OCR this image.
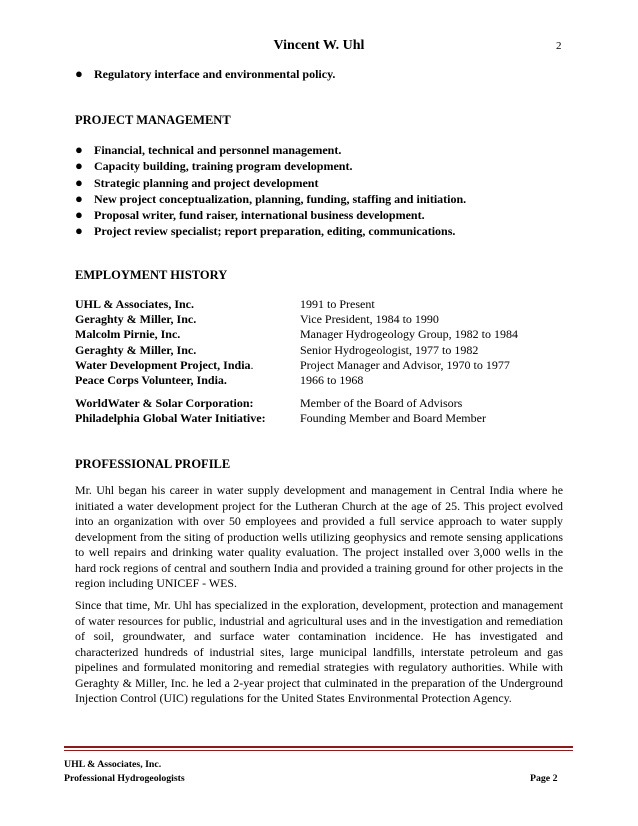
Vincent W. Uhl	2
● Regulatory interface and environmental policy.
PROJECT MANAGEMENT
● Financial, technical and personnel management.
● Capacity building, training program development.
● Strategic planning and project development
● New project conceptualization, planning, funding, staffing and initiation.
● Proposal writer, fund raiser, international business development.
● Project review specialist; report preparation, editing, communications.
EMPLOYMENT HISTORY
UHL & Associates, Inc.	1991 to Present
Geraghty & Miller, Inc.	Vice President, 1984 to 1990
Malcolm Pirnie, Inc.	Manager Hydrogeology Group, 1982 to 1984
Geraghty & Miller, Inc.	Senior Hydrogeologist, 1977 to 1982
Water Development Project, India.	Project Manager and Advisor, 1970 to 1977
Peace Corps Volunteer, India.	1966 to 1968
WorldWater & Solar Corporation:	Member of the Board of Advisors
Philadelphia Global Water Initiative:	Founding Member and Board Member
PROFESSIONAL PROFILE

Mr. Uhl began his career in water supply development and management in Central India where he initiated a water development project for the Lutheran Church at the age of 25. This project evolved into an organization with over 50 employees and provided a full service approach to water supply development from the siting of production wells utilizing geophysics and remote sensing applications to well repairs and drinking water quality evaluation. The project installed over 3,000 wells in the hard rock regions of central and southern India and provided a training ground for other projects in the region including UNICEF - WES.

Since that time, Mr. Uhl has specialized in the exploration, development, protection and management of water resources for public, industrial and agricultural uses and in the investigation and remediation of soil, groundwater, and surface water contamination incidence. He has investigated and characterized hundreds of industrial sites, large municipal landfills, interstate petroleum and gas pipelines and formulated monitoring and remedial strategies with regulatory authorities. While with Geraghty & Miller, Inc. he led a 2-year project that culminated in the preparation of the Underground Injection Control (UIC) regulations for the United States Environmental Protection Agency.

UHL & Associates, Inc.
Professional Hydrogeologists	Page 2
